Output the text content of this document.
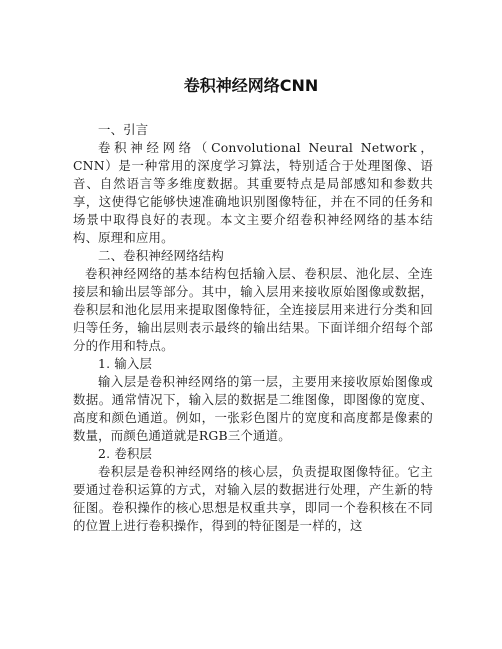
卷积神经网络CNN

一、引言

卷积神经网络（Convolutional Neural Network，CNN）是一种常用的深度学习算法，特别适合于处理图像、语音、自然语言等多维度数据。其重要特点是局部感知和参数共享，这使得它能够快速准确地识别图像特征，并在不同的任务和场景中取得良好的表现。本文主要介绍卷积神经网络的基本结构、原理和应用。

二、卷积神经网络结构

卷积神经网络的基本结构包括输入层、卷积层、池化层、全连接层和输出层等部分。其中，输入层用来接收原始图像或数据，卷积层和池化层用来提取图像特征，全连接层用来进行分类和回归等任务，输出层则表示最终的输出结果。下面详细介绍每个部分的作用和特点。

1. 输入层

输入层是卷积神经网络的第一层，主要用来接收原始图像或数据。通常情况下，输入层的数据是二维图像，即图像的宽度、高度和颜色通道。例如，一张彩色图片的宽度和高度都是像素的数量，而颜色通道就是RGB三个通道。

2. 卷积层

卷积层是卷积神经网络的核心层，负责提取图像特征。它主要通过卷积运算的方式，对输入层的数据进行处理，产生新的特征图。卷积操作的核心思想是权重共享，即同一个卷积核在不同的位置上进行卷积操作，得到的特征图是一样的，这
